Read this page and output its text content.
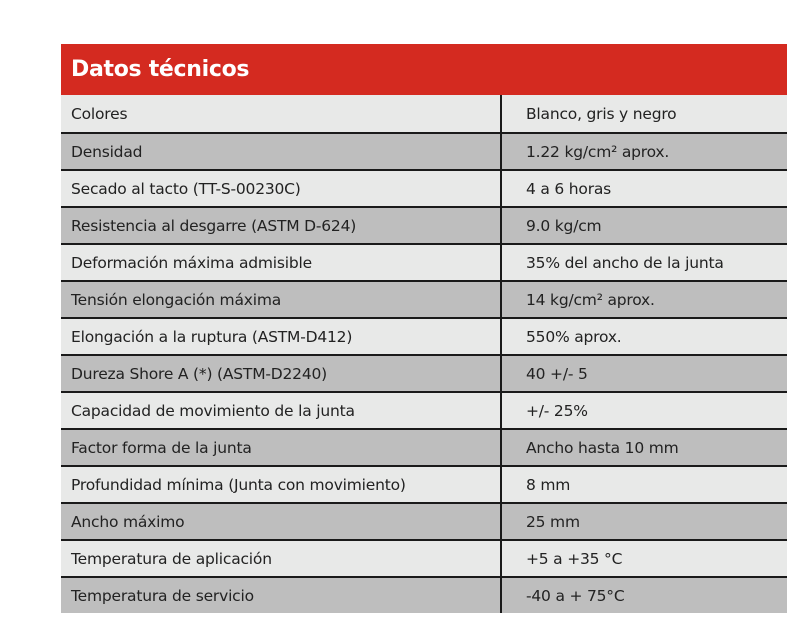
Datos técnicos
Colores	Blanco, gris y negro
Densidad	1.22 kg/cm² aprox.
Secado al tacto (TT-S-00230C)	4 a 6 horas
Resistencia al desgarre (ASTM D-624)	9.0 kg/cm
Deformación máxima admisible	35% del ancho de la junta
Tensión elongación máxima	14 kg/cm² aprox.
Elongación a la ruptura (ASTM-D412)	550% aprox.
Dureza Shore A (*) (ASTM-D2240)	40 +/- 5
Capacidad de movimiento de la junta	+/- 25%
Factor forma de la junta	Ancho hasta 10 mm
Profundidad mínima (Junta con movimiento)	8 mm
Ancho máximo	25 mm
Temperatura de aplicación	+5 a +35 °C
Temperatura de servicio	-40 a + 75°C
